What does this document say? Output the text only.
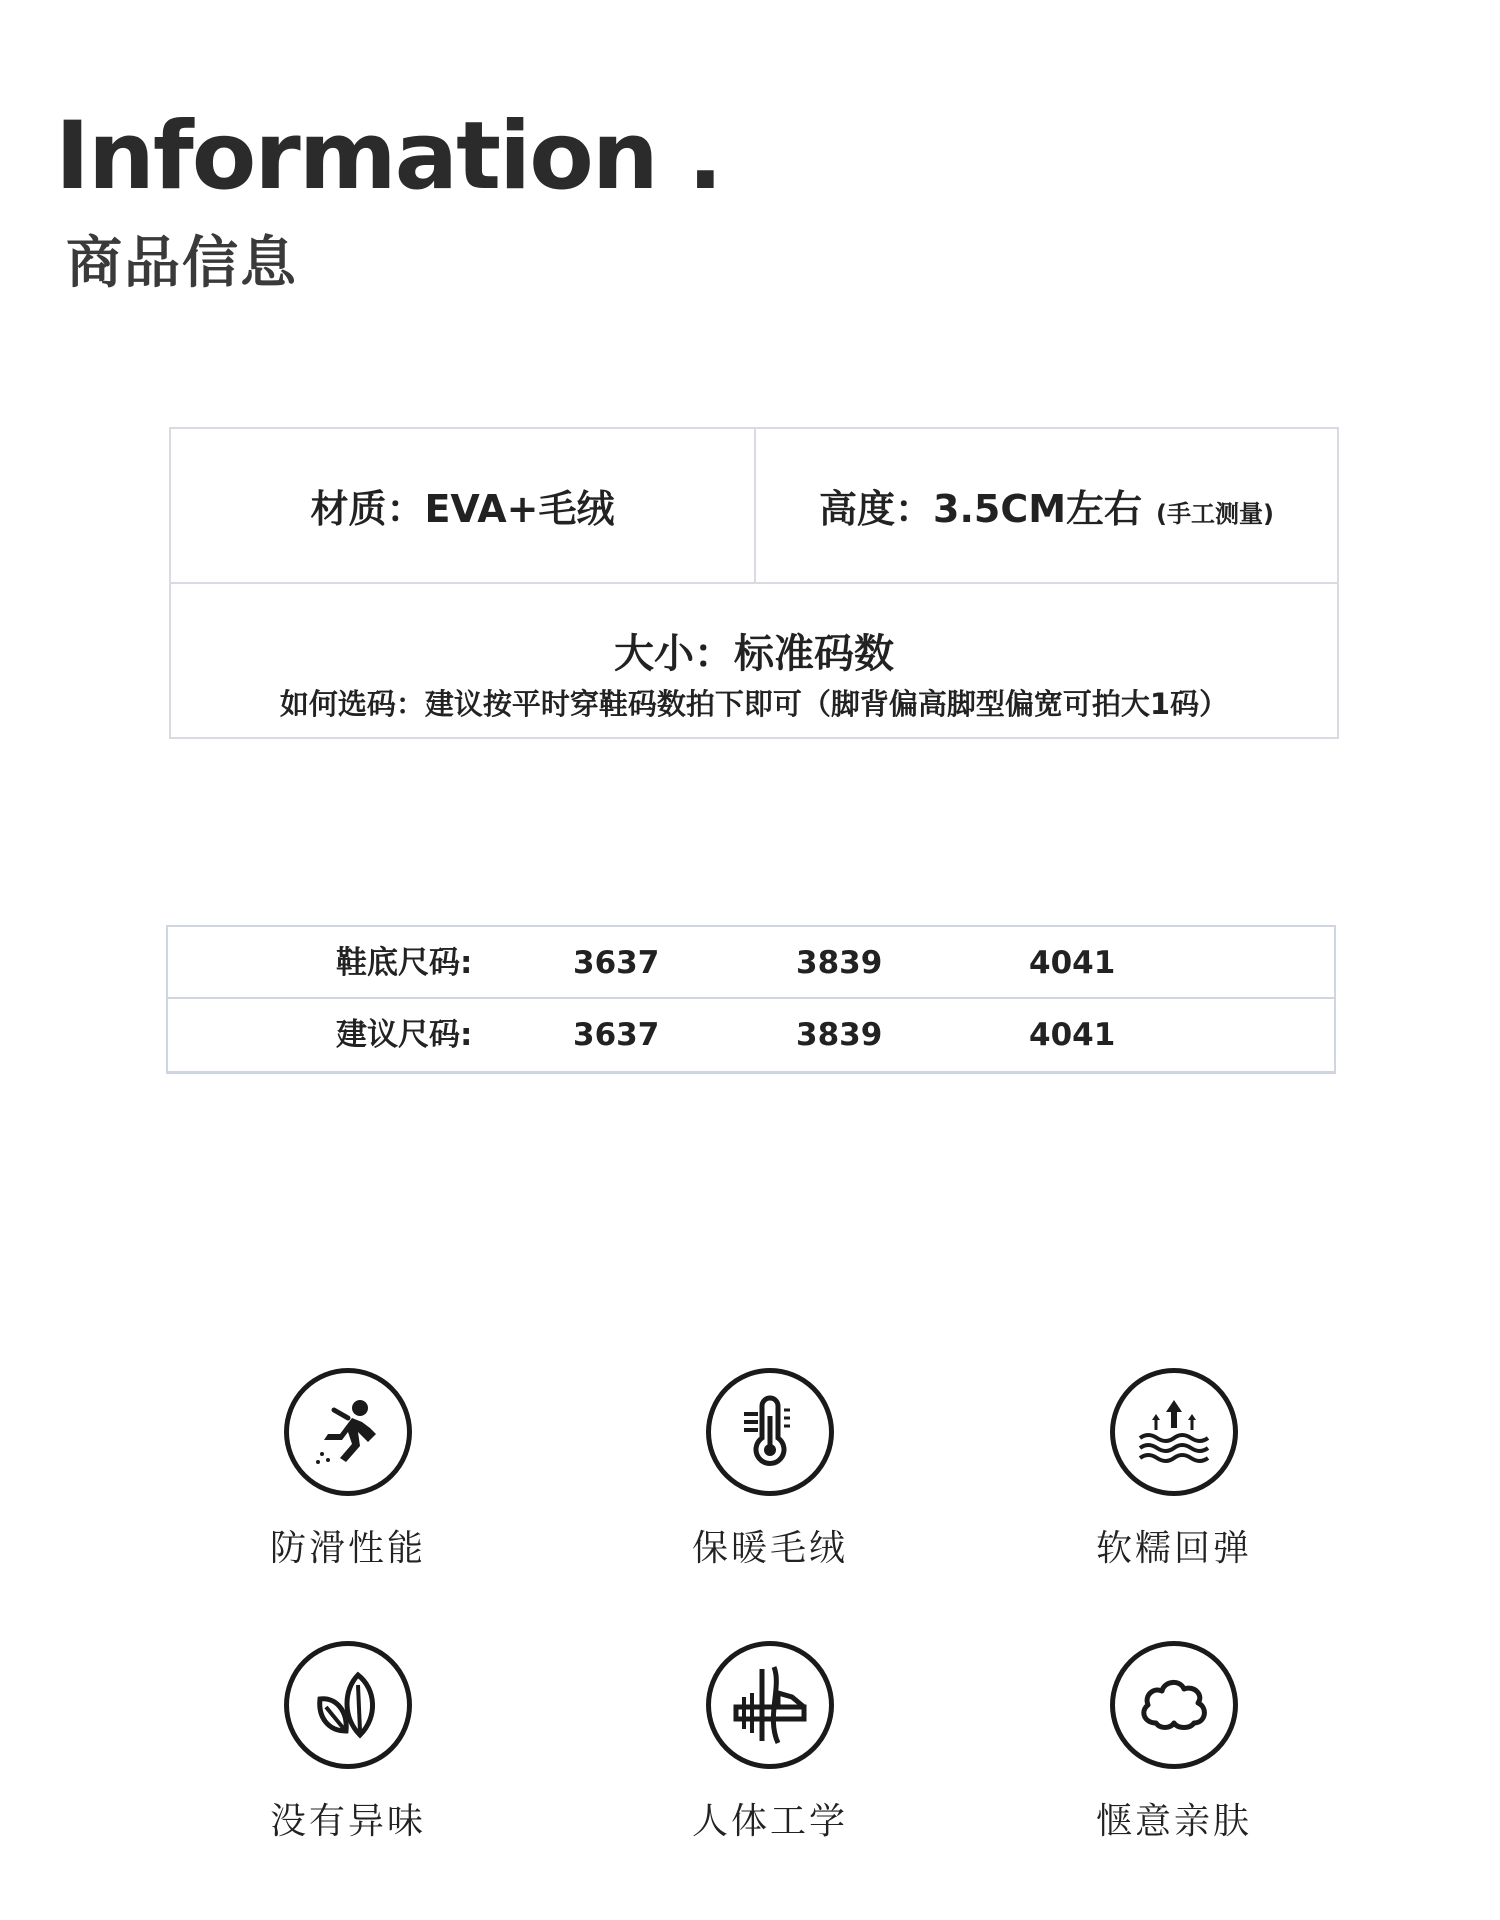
Information .
商品信息
材质：EVA+毛绒	高度：3.5CM左右 (手工测量)
大小：标准码数
如何选码：建议按平时穿鞋码数拍下即可（脚背偏高脚型偏宽可拍大1码）
鞋底尺码:	3637	3839	4041
建议尺码:	3637	3839	4041
防滑性能	保暖毛绒	软糯回弹
没有异味	人体工学	惬意亲肤
